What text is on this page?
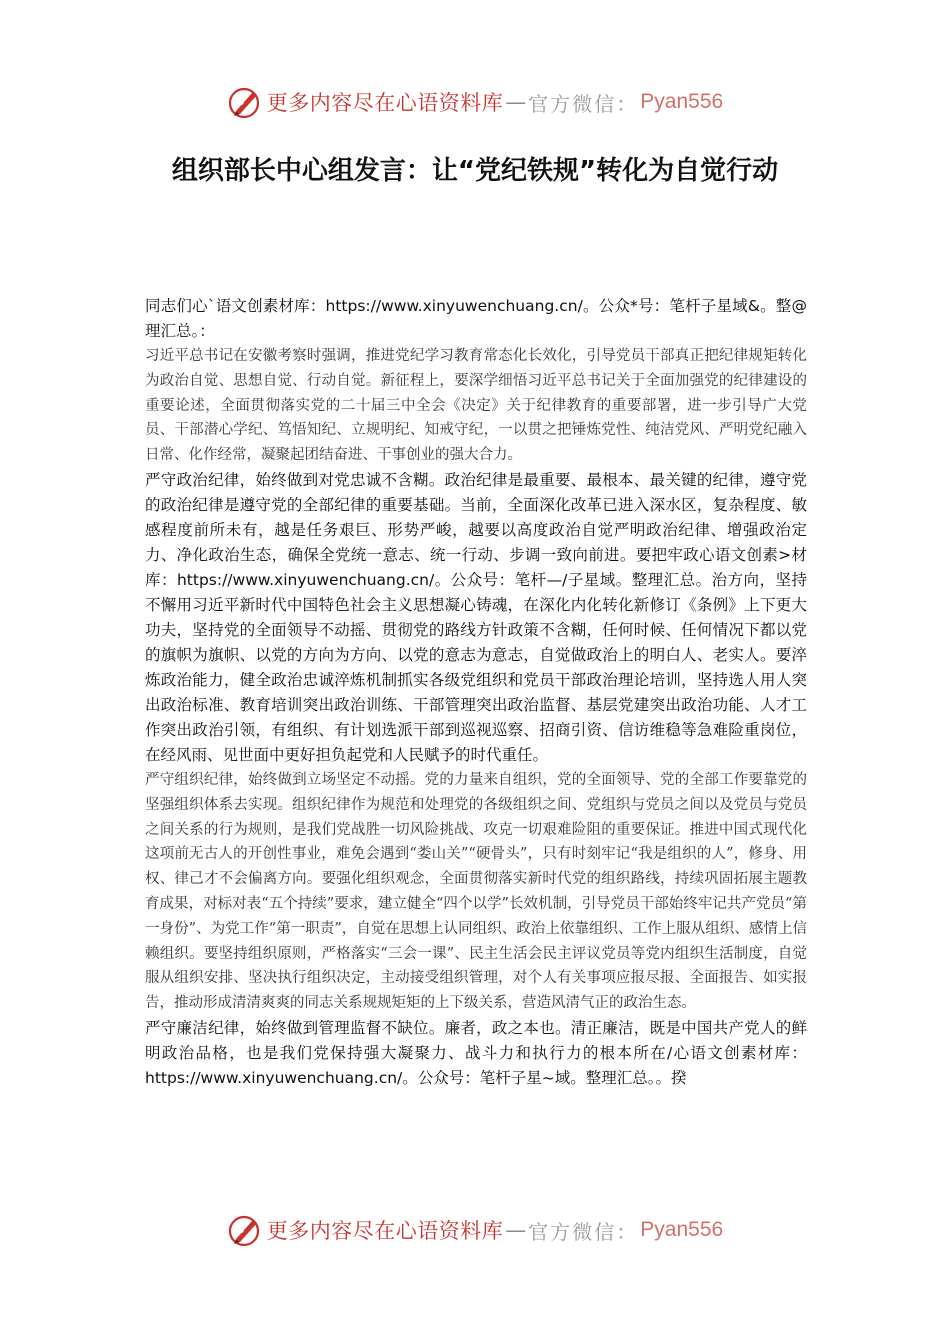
更多内容尽在心语资料库 — 官方微信： Pyan556
组织部长中心组发言：让“党纪铁规”转化为自觉行动

同志们心`语文创素材库：https://www.xinyuwenchuang.cn/。公众*号：笔杆子星域&。整@理汇总。：

习近平总书记在安徽考察时强调，推进党纪学习教育常态化长效化，引导党员干部真正把纪律规矩转化为政治自觉、思想自觉、行动自觉。新征程上，要深学细悟习近平总书记关于全面加强党的纪律建设的重要论述，全面贯彻落实党的二十届三中全会《决定》关于纪律教育的重要部署，进一步引导广大党员、干部潜心学纪、笃悟知纪、立规明纪、知戒守纪，一以贯之把锤炼党性、纯洁党风、严明党纪融入日常、化作经常，凝聚起团结奋进、干事创业的强大合力。

严守政治纪律，始终做到对党忠诚不含糊。政治纪律是最重要、最根本、最关键的纪律，遵守党的政治纪律是遵守党的全部纪律的重要基础。当前，全面深化改革已进入深水区，复杂程度、敏感程度前所未有，越是任务艰巨、形势严峻，越要以高度政治自觉严明政治纪律、增强政治定力、净化政治生态，确保全党统一意志、统一行动、步调一致向前进。要把牢政心语文创素>材库：https://www.xinyuwenchuang.cn/。公众号：笔杆—/子星域。整理汇总。治方向，坚持不懈用习近平新时代中国特色社会主义思想凝心铸魂，在深化内化转化新修订《条例》上下更大功夫，坚持党的全面领导不动摇、贯彻党的路线方针政策不含糊，任何时候、任何情况下都以党的旗帜为旗帜、以党的方向为方向、以党的意志为意志，自觉做政治上的明白人、老实人。要淬炼政治能力，健全政治忠诚淬炼机制抓实各级党组织和党员干部政治理论培训，坚持选人用人突出政治标准、教育培训突出政治训练、干部管理突出政治监督、基层党建突出政治功能、人才工作突出政治引领，有组织、有计划选派干部到巡视巡察、招商引资、信访维稳等急难险重岗位，在经风雨、见世面中更好担负起党和人民赋予的时代重任。

严守组织纪律，始终做到立场坚定不动摇。党的力量来自组织，党的全面领导、党的全部工作要靠党的坚强组织体系去实现。组织纪律作为规范和处理党的各级组织之间、党组织与党员之间以及党员与党员之间关系的行为规则，是我们党战胜一切风险挑战、攻克一切艰难险阻的重要保证。推进中国式现代化这项前无古人的开创性事业，难免会遇到“娄山关”“硬骨头”，只有时刻牢记“我是组织的人”，修身、用权、律己才不会偏离方向。要强化组织观念，全面贯彻落实新时代党的组织路线，持续巩固拓展主题教育成果，对标对表“五个持续”要求，建立健全“四个以学”长效机制，引导党员干部始终牢记共产党员“第一身份”、为党工作“第一职责”，自觉在思想上认同组织、政治上依靠组织、工作上服从组织、感情上信赖组织。要坚持组织原则，严格落实“三会一课”、民主生活会民主评议党员等党内组织生活制度，自觉服从组织安排、坚决执行组织决定，主动接受组织管理，对个人有关事项应报尽报、全面报告、如实报告，推动形成清清爽爽的同志关系规规矩矩的上下级关系，营造风清气正的政治生态。

严守廉洁纪律，始终做到管理监督不缺位。廉者，政之本也。清正廉洁，既是中国共产党人的鲜明政治品格，也是我们党保持强大凝聚力、战斗力和执行力的根本所在/心语文创素材库：https://www.xinyuwenchuang.cn/。公众号：笔杆子星~域。整理汇总。。揆

更多内容尽在心语资料库 — 官方微信： Pyan556
